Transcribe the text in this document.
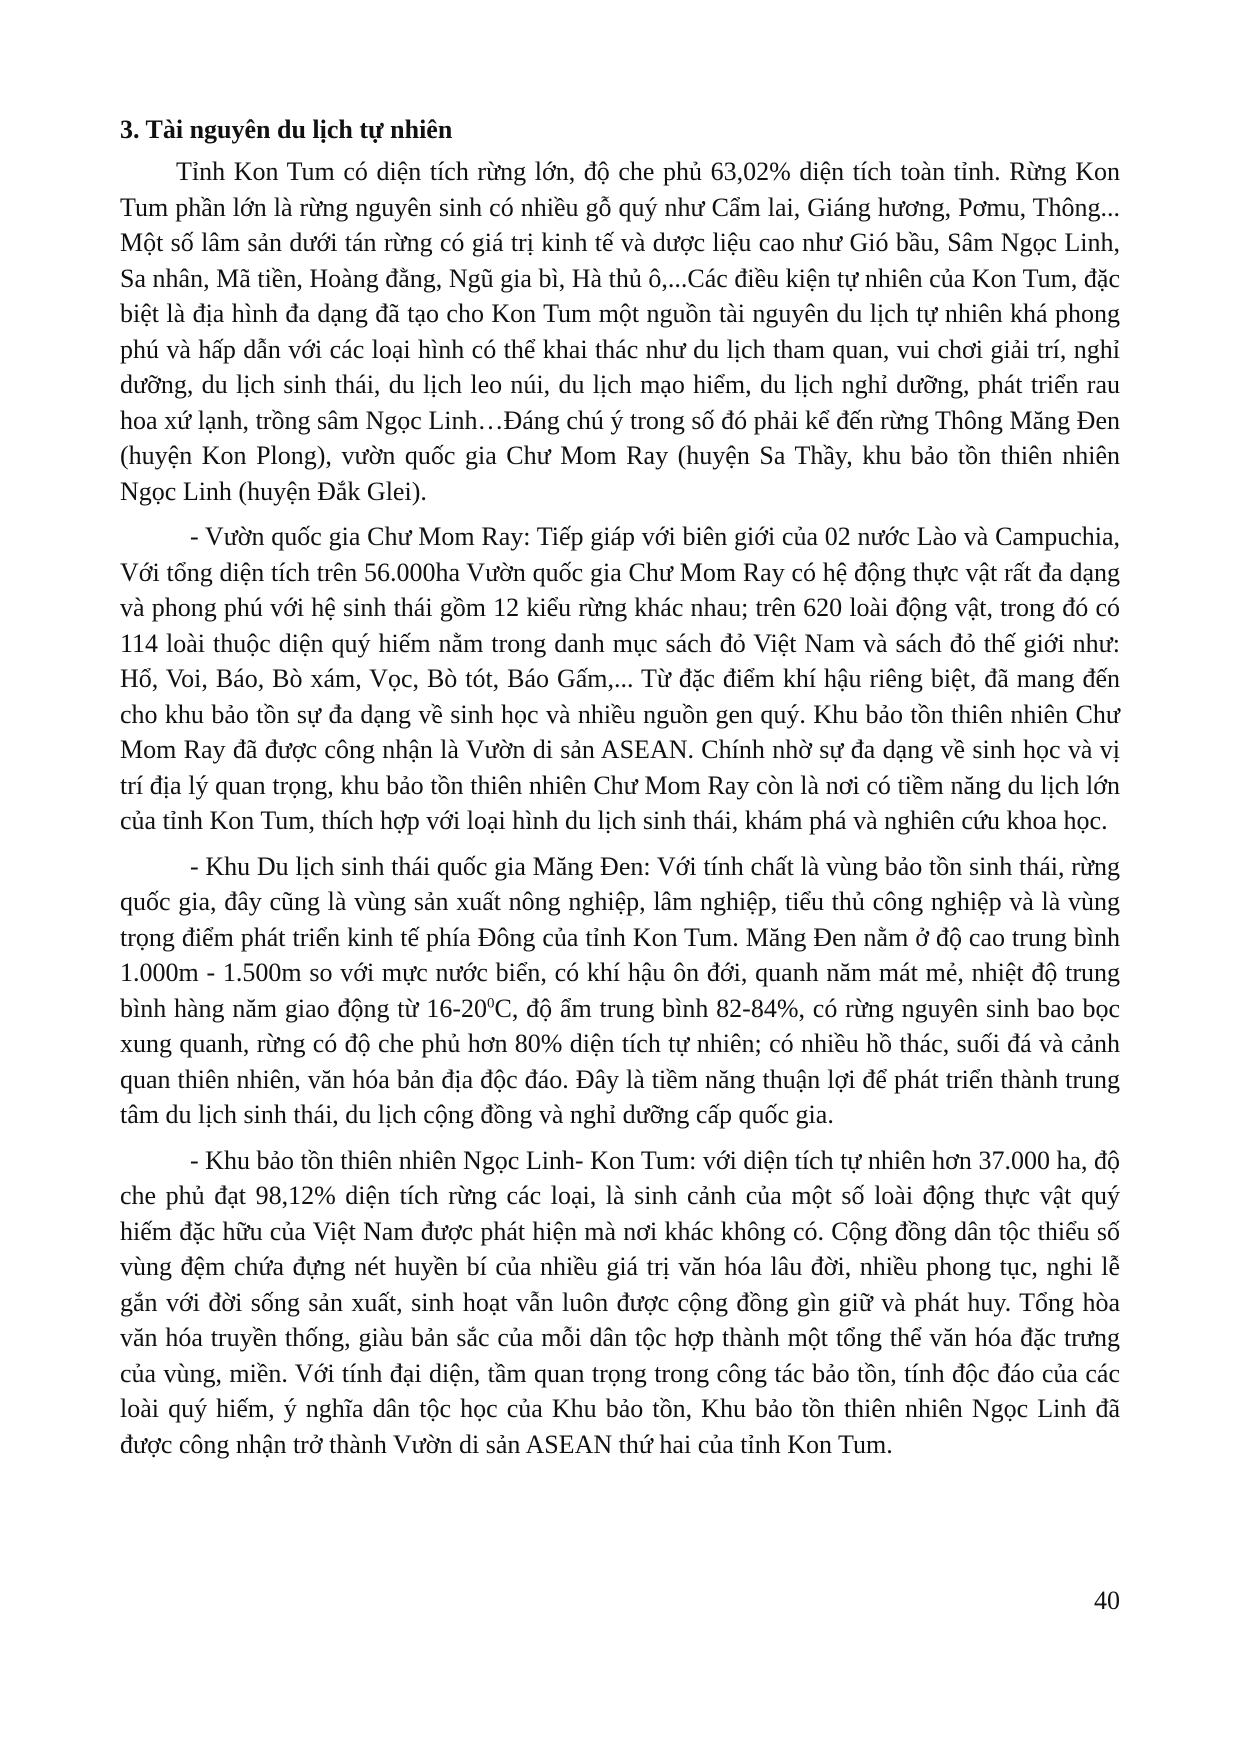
3. Tài nguyên du lịch tự nhiên

Tỉnh Kon Tum có diện tích rừng lớn, độ che phủ 63,02% diện tích toàn tỉnh. Rừng Kon Tum phần lớn là rừng nguyên sinh có nhiều gỗ quý như Cẩm lai, Giáng hương, Pơmu, Thông... Một số lâm sản dưới tán rừng có giá trị kinh tế và dược liệu cao như Gió bầu, Sâm Ngọc Linh, Sa nhân, Mã tiền, Hoàng đằng, Ngũ gia bì, Hà thủ ô,...Các điều kiện tự nhiên của Kon Tum, đặc biệt là địa hình đa dạng đã tạo cho Kon Tum một nguồn tài nguyên du lịch tự nhiên khá phong phú và hấp dẫn với các loại hình có thể khai thác như du lịch tham quan, vui chơi giải trí, nghỉ dưỡng, du lịch sinh thái, du lịch leo núi, du lịch mạo hiểm, du lịch nghỉ dưỡng, phát triển rau hoa xứ lạnh, trồng sâm Ngọc Linh…Đáng chú ý trong số đó phải kể đến rừng Thông Măng Đen (huyện Kon Plong), vườn quốc gia Chư Mom Ray (huyện Sa Thầy, khu bảo tồn thiên nhiên Ngọc Linh (huyện Đắk Glei).

- Vườn quốc gia Chư Mom Ray: Tiếp giáp với biên giới của 02 nước Lào và Campuchia, Với tổng diện tích trên 56.000ha Vườn quốc gia Chư Mom Ray có hệ động thực vật rất đa dạng và phong phú với hệ sinh thái gồm 12 kiểu rừng khác nhau; trên 620 loài động vật, trong đó có 114 loài thuộc diện quý hiếm nằm trong danh mục sách đỏ Việt Nam và sách đỏ thế giới như: Hổ, Voi, Báo, Bò xám, Vọc, Bò tót, Báo Gấm,... Từ đặc điểm khí hậu riêng biệt, đã mang đến cho khu bảo tồn sự đa dạng về sinh học và nhiều nguồn gen quý. Khu bảo tồn thiên nhiên Chư Mom Ray đã được công nhận là Vườn di sản ASEAN. Chính nhờ sự đa dạng về sinh học và vị trí địa lý quan trọng, khu bảo tồn thiên nhiên Chư Mom Ray còn là nơi có tiềm năng du lịch lớn của tỉnh Kon Tum, thích hợp với loại hình du lịch sinh thái, khám phá và nghiên cứu khoa học.

- Khu Du lịch sinh thái quốc gia Măng Đen: Với tính chất là vùng bảo tồn sinh thái, rừng quốc gia, đây cũng là vùng sản xuất nông nghiệp, lâm nghiệp, tiểu thủ công nghiệp và là vùng trọng điểm phát triển kinh tế phía Đông của tỉnh Kon Tum. Măng Đen nằm ở độ cao trung bình 1.000m - 1.500m so với mực nước biển, có khí hậu ôn đới, quanh năm mát mẻ, nhiệt độ trung bình hàng năm giao động từ $16-20^0C$, độ ẩm trung bình 82-84%, có rừng nguyên sinh bao bọc xung quanh, rừng có độ che phủ hơn 80% diện tích tự nhiên; có nhiều hồ thác, suối đá và cảnh quan thiên nhiên, văn hóa bản địa độc đáo. Đây là tiềm năng thuận lợi để phát triển thành trung tâm du lịch sinh thái, du lịch cộng đồng và nghỉ dưỡng cấp quốc gia.

- Khu bảo tồn thiên nhiên Ngọc Linh- Kon Tum: với diện tích tự nhiên hơn 37.000 ha, độ che phủ đạt 98,12% diện tích rừng các loại, là sinh cảnh của một số loài động thực vật quý hiếm đặc hữu của Việt Nam được phát hiện mà nơi khác không có. Cộng đồng dân tộc thiểu số vùng đệm chứa đựng nét huyền bí của nhiều giá trị văn hóa lâu đời, nhiều phong tục, nghi lễ gắn với đời sống sản xuất, sinh hoạt vẫn luôn được cộng đồng gìn giữ và phát huy. Tổng hòa văn hóa truyền thống, giàu bản sắc của mỗi dân tộc hợp thành một tổng thể văn hóa đặc trưng của vùng, miền. Với tính đại diện, tầm quan trọng trong công tác bảo tồn, tính độc đáo của các loài quý hiếm, ý nghĩa dân tộc học của Khu bảo tồn, Khu bảo tồn thiên nhiên Ngọc Linh đã được công nhận trở thành Vườn di sản ASEAN thứ hai của tỉnh Kon Tum.

40
